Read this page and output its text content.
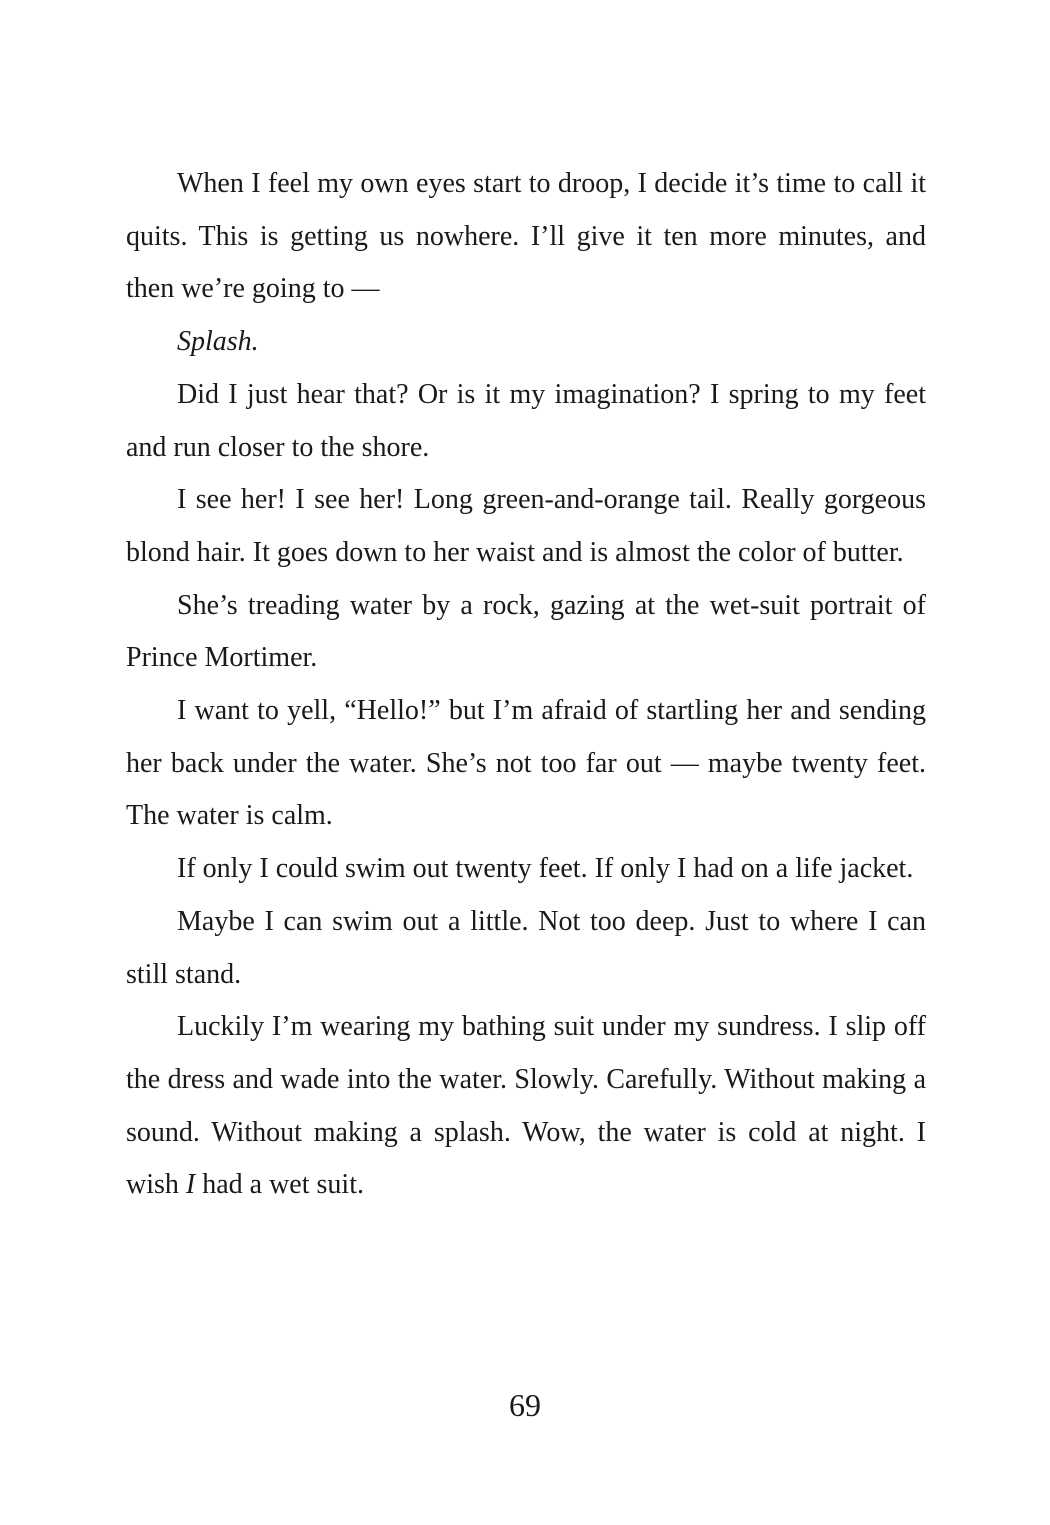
When I feel my own eyes start to droop, I decide it’s time to call it quits. This is getting us nowhere. I’ll give it ten more minutes, and then we’re going to —

Splash.

Did I just hear that? Or is it my imagination? I spring to my feet and run closer to the shore.

I see her! I see her! Long green-and-orange tail. Really gorgeous blond hair. It goes down to her waist and is almost the color of butter.

She’s treading water by a rock, gazing at the wet-suit portrait of Prince Mortimer.

I want to yell, “Hello!” but I’m afraid of startling her and sending her back under the water. She’s not too far out — maybe twenty feet. The water is calm.

If only I could swim out twenty feet. If only I had on a life jacket.

Maybe I can swim out a little. Not too deep. Just to where I can still stand.

Luckily I’m wearing my bathing suit under my sundress. I slip off the dress and wade into the water. Slowly. Carefully. Without making a sound. Without making a splash. Wow, the water is cold at night. I wish I had a wet suit.

69
